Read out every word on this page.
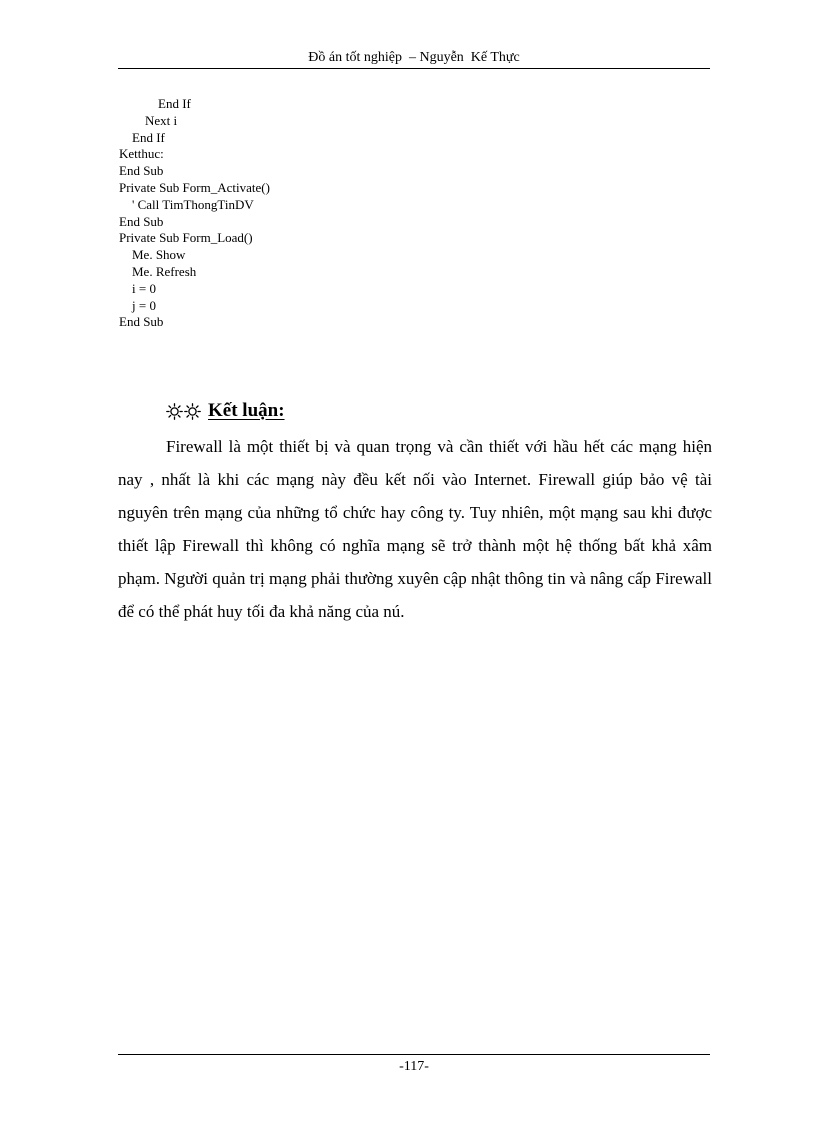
Đồ án tốt nghiệp  – Nguyễn  Kế Thực
End If
Next i
End If
Ketthuc:
End Sub
Private Sub Form_Activate()
' Call TimThongTinDV
End Sub
Private Sub Form_Load()
Me. Show
Me. Refresh
i = 0
j = 0
End Sub
Kết luận:

Firewall là một thiết bị và quan trọng và cần thiết với hầu hết các mạng hiện nay , nhất là khi các mạng này đều kết nối vào Internet. Firewall giúp bảo vệ tài nguyên trên mạng của những tổ chức hay công ty. Tuy nhiên, một mạng sau khi được thiết lập Firewall thì không có nghĩa mạng sẽ trở thành một hệ thống bất khả xâm phạm. Người quản trị mạng phải thường xuyên cập nhật thông tin và nâng cấp Firewall để có thể phát huy tối đa khả năng của nú.

-117-
